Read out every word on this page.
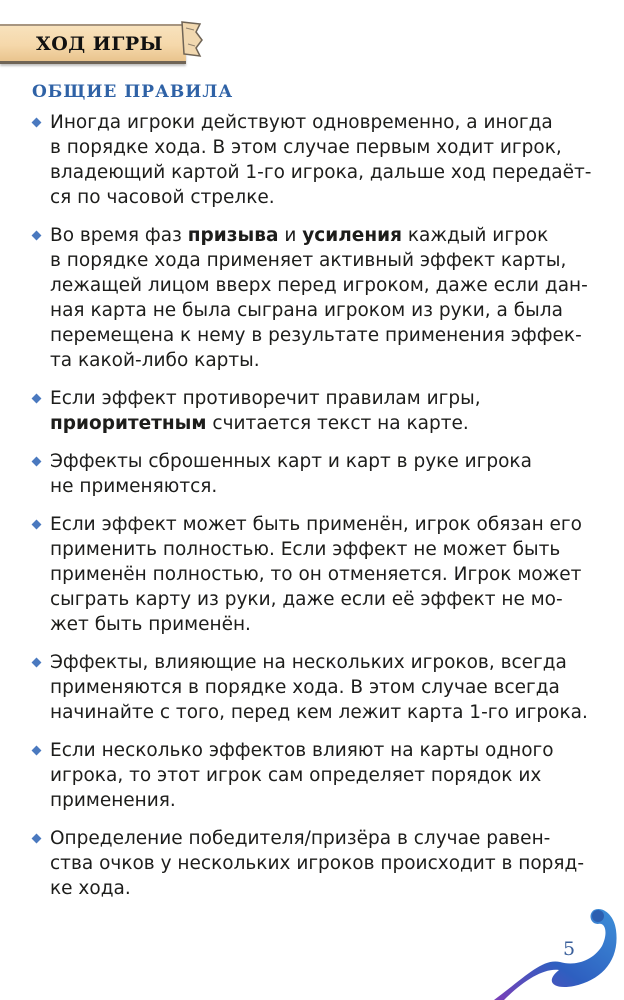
ХОД ИГРЫ
ОБЩИЕ ПРАВИЛА
Иногда игроки действуют одновременно, а иногда
в порядке хода. В этом случае первым ходит игрок,
владеющий картой 1-го игрока, дальше ход передаёт-
ся по часовой стрелке.
Во время фаз призыва и усиления каждый игрок
в порядке хода применяет активный эффект карты,
лежащей лицом вверх перед игроком, даже если дан-
ная карта не была сыграна игроком из руки, а была
перемещена к нему в результате применения эффек-
та какой-либо карты.
Если эффект противоречит правилам игры,
приоритетным считается текст на карте.
Эффекты сброшенных карт и карт в руке игрока
не применяются.
Если эффект может быть применён, игрок обязан его
применить полностью. Если эффект не может быть
применён полностью, то он отменяется. Игрок может
сыграть карту из руки, даже если её эффект не мо-
жет быть применён.
Эффекты, влияющие на нескольких игроков, всегда
применяются в порядке хода. В этом случае всегда
начинайте с того, перед кем лежит карта 1-го игрока.
Если несколько эффектов влияют на карты одного
игрока, то этот игрок сам определяет порядок их
применения.
Определение победителя/призёра в случае равен-
ства очков у нескольких игроков происходит в поряд-
ке хода.
5
